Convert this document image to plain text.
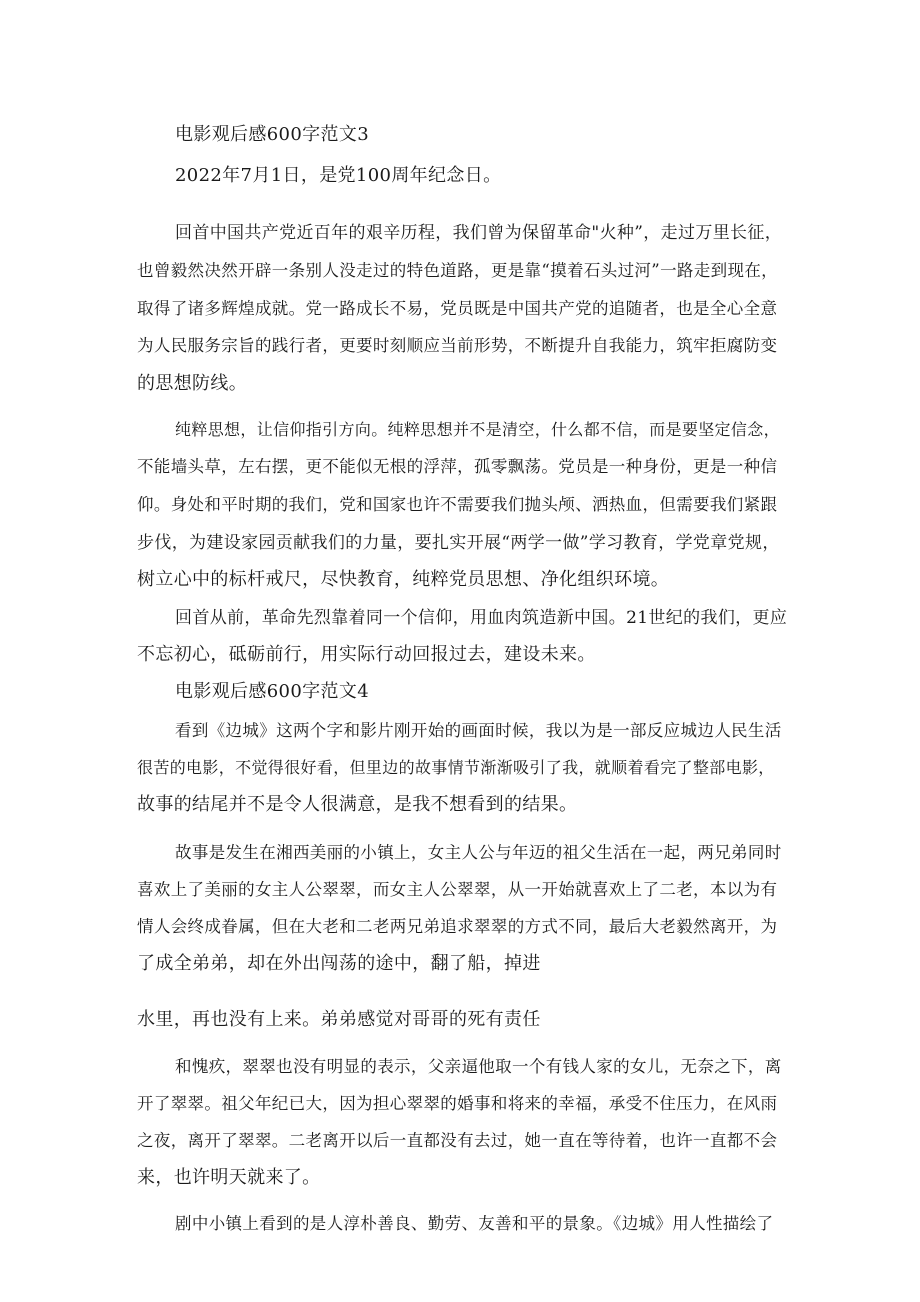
电影观后感600字范文3
2022年7月1日，是党100周年纪念日。
回首中国共产党近百年的艰辛历程，我们曾为保留革命"火种”，走过万里长征，
也曾毅然决然开辟一条别人没走过的特色道路，更是靠“摸着石头过河”一路走到现在，
取得了诸多辉煌成就。党一路成长不易，党员既是中国共产党的追随者，也是全心全意
为人民服务宗旨的践行者，更要时刻顺应当前形势，不断提升自我能力，筑牢拒腐防变
的思想防线。
纯粹思想，让信仰指引方向。纯粹思想并不是清空，什么都不信，而是要坚定信念，
不能墙头草，左右摆，更不能似无根的浮萍，孤零飘荡。党员是一种身份，更是一种信
仰。身处和平时期的我们，党和国家也许不需要我们抛头颅、洒热血，但需要我们紧跟
步伐，为建设家园贡献我们的力量，要扎实开展“两学一做”学习教育，学党章党规，
树立心中的标杆戒尺，尽快教育，纯粹党员思想、净化组织环境。
回首从前，革命先烈靠着同一个信仰，用血肉筑造新中国。21世纪的我们，更应
不忘初心，砥砺前行，用实际行动回报过去，建设未来。
电影观后感600字范文4
看到《边城》这两个字和影片刚开始的画面时候，我以为是一部反应城边人民生活
很苦的电影，不觉得很好看，但里边的故事情节渐渐吸引了我，就顺着看完了整部电影，
故事的结尾并不是令人很满意，是我不想看到的结果。
故事是发生在湘西美丽的小镇上，女主人公与年迈的祖父生活在一起，两兄弟同时
喜欢上了美丽的女主人公翠翠，而女主人公翠翠，从一开始就喜欢上了二老，本以为有
情人会终成眷属，但在大老和二老两兄弟追求翠翠的方式不同，最后大老毅然离开，为
了成全弟弟，却在外出闯荡的途中，翻了船，掉进
水里，再也没有上来。弟弟感觉对哥哥的死有责任
和愧疚，翠翠也没有明显的表示，父亲逼他取一个有钱人家的女儿，无奈之下，离
开了翠翠。祖父年纪已大，因为担心翠翠的婚事和将来的幸福，承受不住压力，在风雨
之夜，离开了翠翠。二老离开以后一直都没有去过，她一直在等待着，也许一直都不会
来，也许明天就来了。
剧中小镇上看到的是人淳朴善良、勤劳、友善和平的景象。《边城》用人性描绘了
